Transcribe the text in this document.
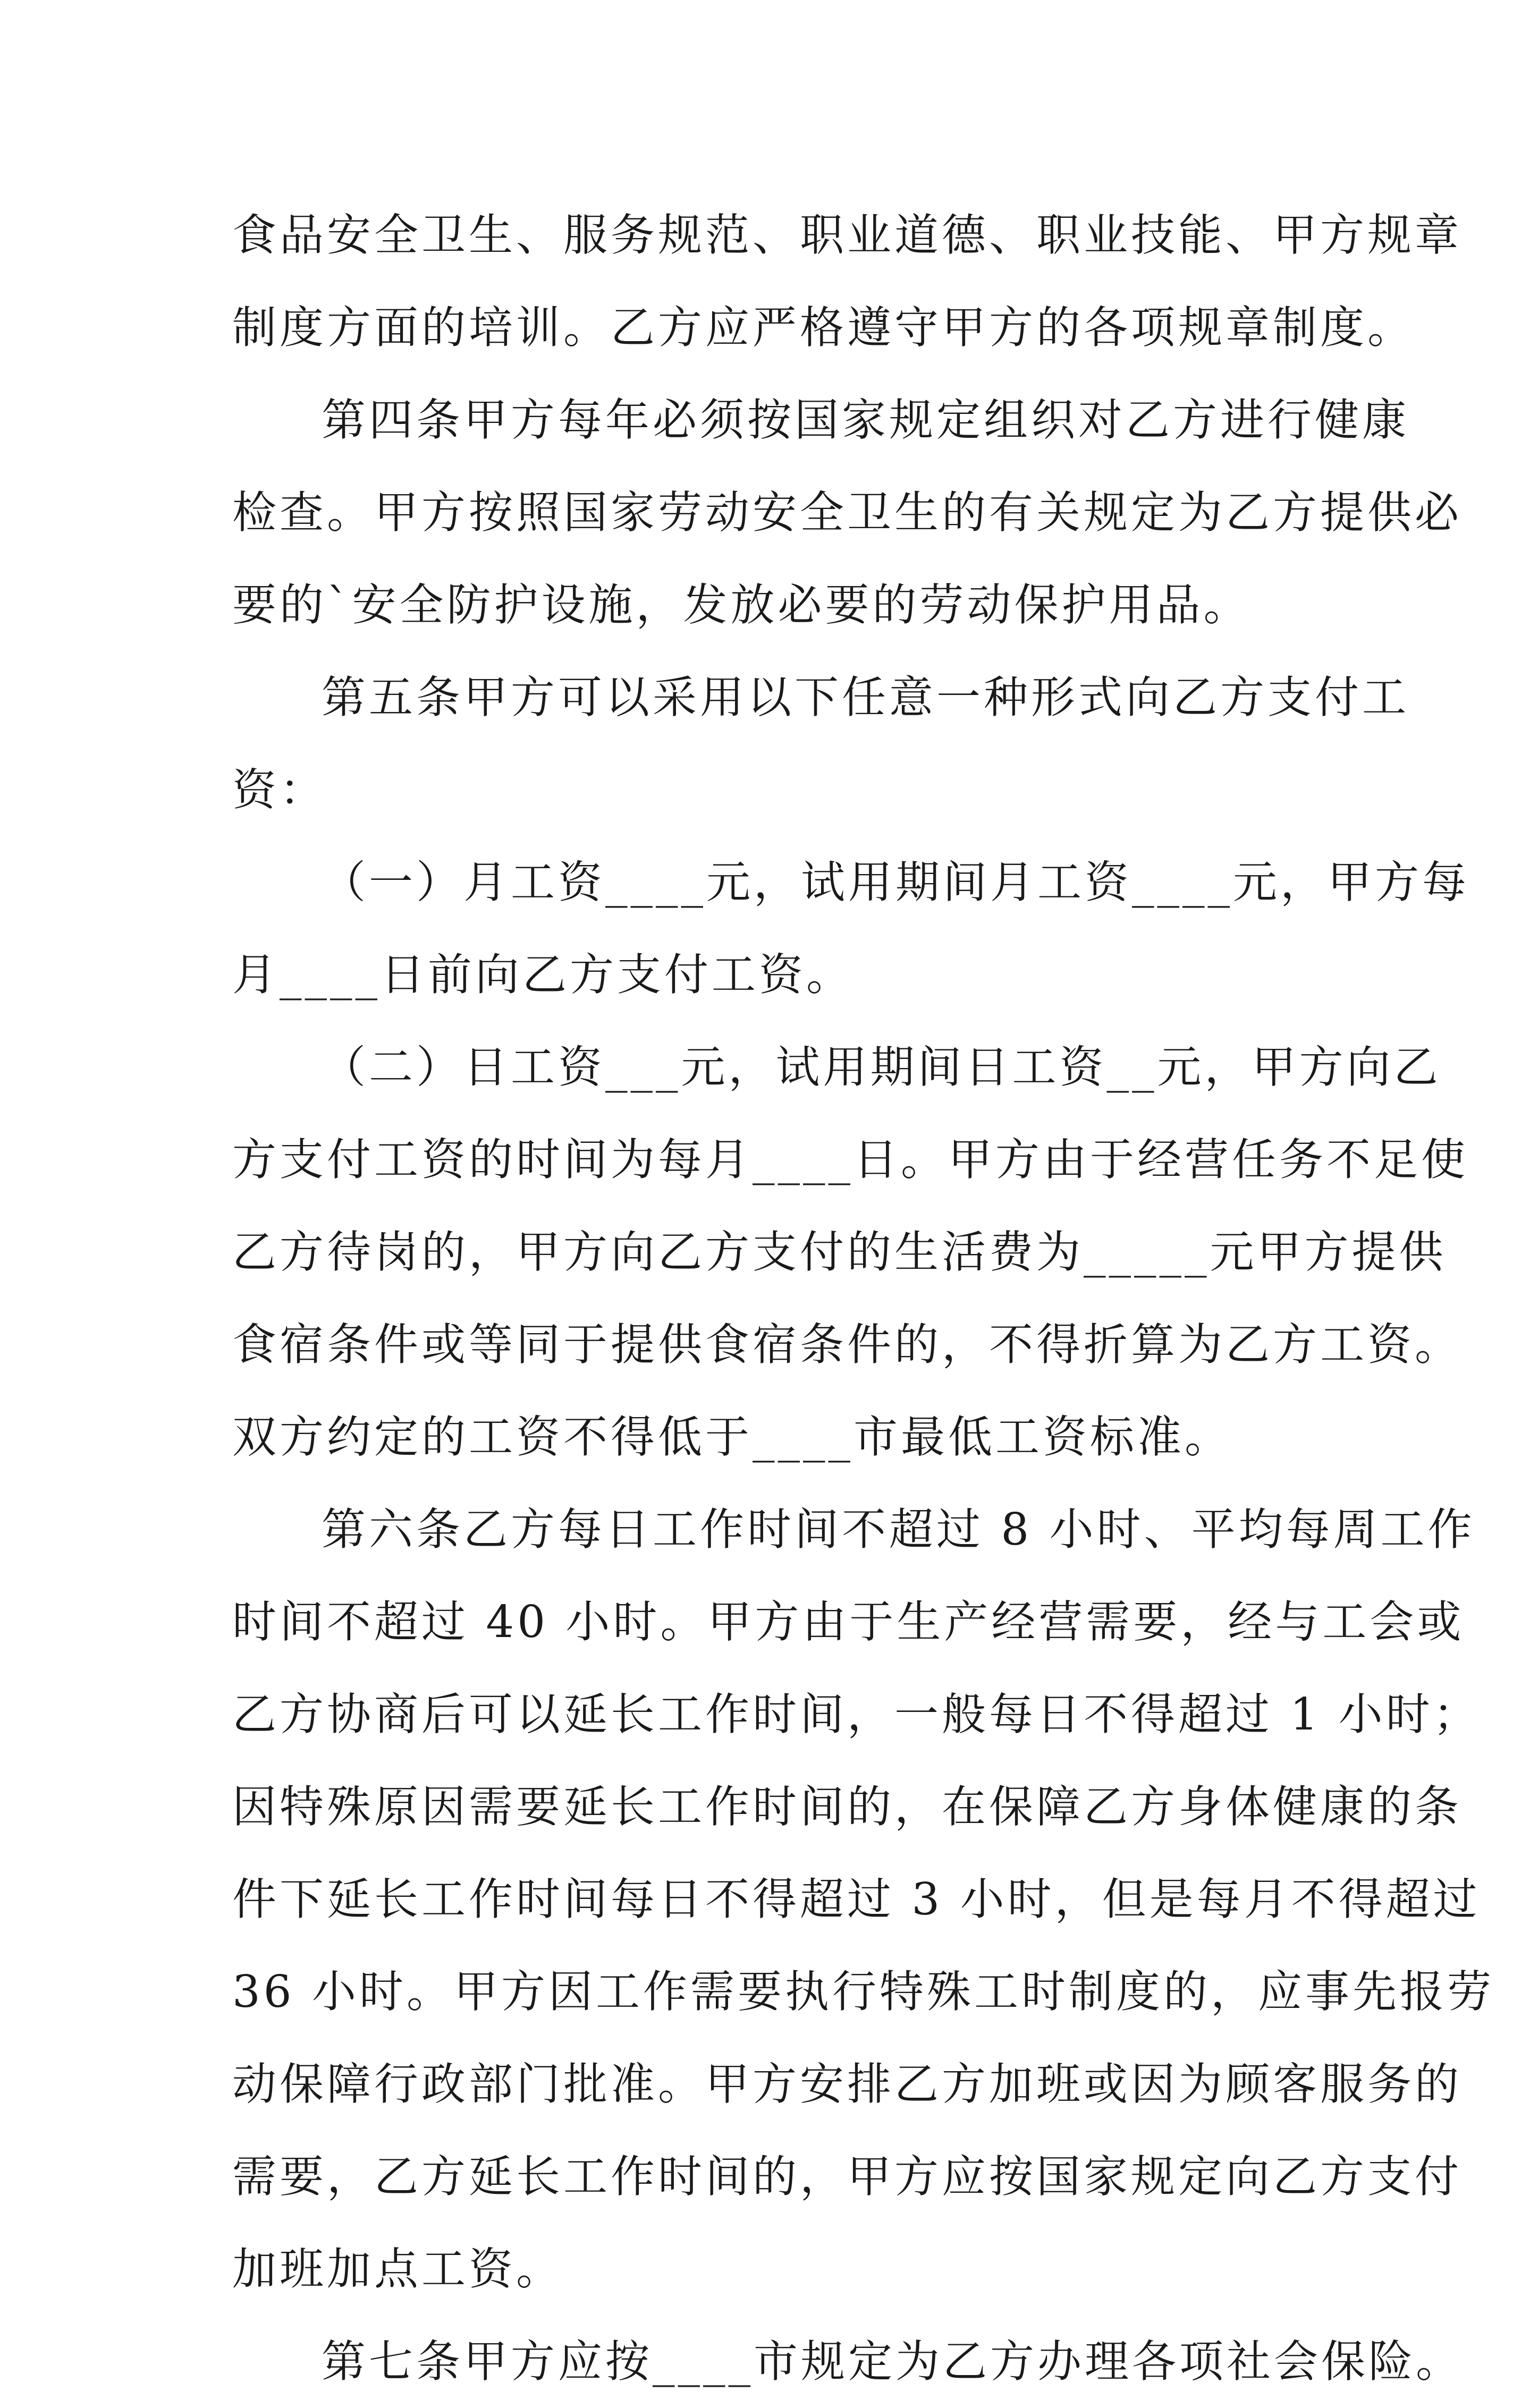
食品安全卫生、服务规范、职业道德、职业技能、甲方规章
制度方面的培训。乙方应严格遵守甲方的各项规章制度。
第四条甲方每年必须按国家规定组织对乙方进行健康
检查。甲方按照国家劳动安全卫生的有关规定为乙方提供必
要的`安全防护设施，发放必要的劳动保护用品。
第五条甲方可以采用以下任意一种形式向乙方支付工
资：
（一）月工资____元，试用期间月工资____元，甲方每
月____日前向乙方支付工资。
（二）日工资___元，试用期间日工资__元，甲方向乙
方支付工资的时间为每月____日。甲方由于经营任务不足使
乙方待岗的，甲方向乙方支付的生活费为_____元甲方提供
食宿条件或等同于提供食宿条件的，不得折算为乙方工资。
双方约定的工资不得低于____市最低工资标准。
第六条乙方每日工作时间不超过 8 小时、平均每周工作
时间不超过 40 小时。甲方由于生产经营需要，经与工会或
乙方协商后可以延长工作时间，一般每日不得超过 1 小时；
因特殊原因需要延长工作时间的，在保障乙方身体健康的条
件下延长工作时间每日不得超过 3 小时，但是每月不得超过
36 小时。甲方因工作需要执行特殊工时制度的，应事先报劳
动保障行政部门批准。甲方安排乙方加班或因为顾客服务的
需要，乙方延长工作时间的，甲方应按国家规定向乙方支付
加班加点工资。
第七条甲方应按____市规定为乙方办理各项社会保险。
